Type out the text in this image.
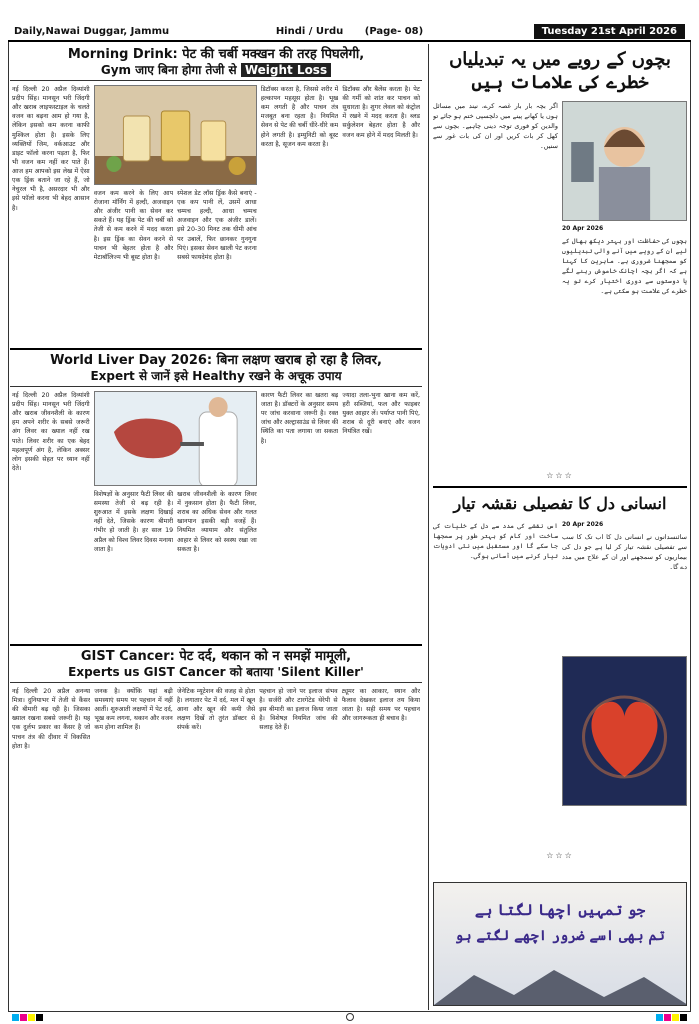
Daily,Nawai Duggar, Jammu	Hindi / Urdu (Page- 08)	Tuesday 21st April 2026
Morning Drink: पेट की चर्बी मक्खन की तरह पिघलेगी,
Gym जाए बिना होगा तेजी से Weight Loss

नई दिल्ली 20 अप्रैल दिव्यांशी प्रदीप सिंह। मानसून भरी जिंदगी और खराब लाइफस्टाइल के चलते वजन का बढ़ना आम हो गया है, लेकिन इसको कम करना काफी मुश्किल होता है। इसके लिए व्यक्तियों जिम, वर्कआउट और डाइट फॉलो करना पड़ता है, फिर भी वजन कम नहीं कर पाते हैं। आज हम आपको इस लेख में ऐसा एक ड्रिंक बताने जा रहे हैं, जो नेचुरल भी है, असरदार भी और इसे फॉलो करना भी बेहद आसान है।

वजन कम करने के लिए आप रोजाना मॉर्निंग में हल्दी, अजवाइन और अंजीर पानी का सेवन कर सकते हैं। यह ड्रिंक पेट की चर्बी को तेजी से कम करने में मदद करता है। इस ड्रिंक का सेवन करने से पाचन भी बेहतर होता है और मेटाबॉलिज्म भी बूस्ट होता है।

स्पेशल डेट लॉस ड्रिंक कैसे बनाएं - एक कप पानी लें, उसमें आधा चम्मच हल्दी, आधा चम्मच अजवाइन और एक अंजीर डालें। इसे 20-30 मिनट तक धीमी आंच पर उबालें, फिर छानकर गुनगुना पिएं। इसका सेवन खाली पेट करना सबसे फायदेमंद होता है।

डिटॉक्स करता है, जिससे शरीर में हल्कापन महसूस होता है। भूख कम लगती है और पाचन तंत्र मजबूत बना रहता है। नियमित सेवन से पेट की चर्बी धीरे-धीरे कम होने लगती है। इम्युनिटी को बूस्ट करता है, सूजन कम करता है।

डिटॉक्स और बैलेंस करता है। पेट की गर्मी को शांत कर पाचन को सुधारता है। शुगर लेवल को कंट्रोल में रखने में मदद करता है। ब्लड सर्कुलेशन बेहतर होता है और वजन कम होने में मदद मिलती है।

World Liver Day 2026: बिना लक्षण खराब हो रहा है लिवर,
Expert से जानें इसे Healthy रखने के अचूक उपाय

नई दिल्ली 20 अप्रैल दिव्यांशी प्रदीप सिंह। मानसून भरी जिंदगी और खराब जीवनशैली के कारण हम अपने शरीर के सबसे जरूरी अंग लिवर का ख्याल नहीं रख पाते। लिवर शरीर का एक बेहद महत्वपूर्ण अंग है, लेकिन अक्सर लोग इसकी सेहत पर ध्यान नहीं देते।

विशेषज्ञों के अनुसार फैटी लिवर की समस्या तेजी से बढ़ रही है। शुरुआत में इसके लक्षण दिखाई नहीं देते, जिसके कारण बीमारी गंभीर हो जाती है। हर साल 19 अप्रैल को विश्व लिवर दिवस मनाया जाता है।

खराब जीवनशैली के कारण लिवर में नुकसान होता है। फैटी लिवर, शराब का अधिक सेवन और गलत खानपान इसकी बड़ी वजहें हैं। नियमित व्यायाम और संतुलित आहार से लिवर को स्वस्थ रखा जा सकता है।

कारण फैटी लिवर का खतरा बढ़ जाता है। डॉक्टरों के अनुसार समय पर जांच करवाना जरूरी है। रक्त जांच और अल्ट्रासाउंड से लिवर की स्थिति का पता लगाया जा सकता है।

ज्यादा तला-भुना खाना कम करें, हरी सब्जियां, फल और फाइबर युक्त आहार लें। पर्याप्त पानी पिएं, शराब से दूरी बनाएं और वजन नियंत्रित रखें।

GIST Cancer: पेट दर्द, थकान को न समझें मामूली,
Experts us GIST Cancer को बताया 'Silent Killer'

नई दिल्ली 20 अप्रैल अनन्या मित्रा। दुनियाभर में तेजी से कैंसर की बीमारी बढ़ रही है। जिसका ख्याल रखना सबसे जरूरी है। यह एक दुर्लभ प्रकार का कैंसर है जो पाचन तंत्र की दीवार में विकसित होता है।

जनक है। क्योंकि यहां बढ़ी समस्याएं समय पर पहचान में नहीं आतीं। शुरुआती लक्षणों में पेट दर्द, भूख कम लगना, थकान और वजन कम होना शामिल हैं।

जेनेटिक म्यूटेशन की वजह से होता है। लगातार पेट में दर्द, मल में खून आना और खून की कमी जैसे लक्षण दिखें तो तुरंत डॉक्टर से संपर्क करें।

पहचान हो जाने पर इलाज संभव है। सर्जरी और टारगेटेड थेरेपी से इस बीमारी का इलाज किया जाता है। विशेषज्ञ नियमित जांच की सलाह देते हैं।

ट्यूमर का आकार, स्थान और फैलाव देखकर इलाज तय किया जाता है। सही समय पर पहचान और जागरूकता ही बचाव है।

بچوں کے رویے میں یہ تبدیلیاں
خطرے کی علامات ہیں

اگر بچہ بار بار غصہ کرے، نیند میں مسائل ہوں یا کھانے پینے میں دلچسپی ختم ہو جائے تو والدین کو فوری توجہ دینی چاہیے۔ بچوں سے کھل کر بات کریں اور ان کی بات غور سے سنیں۔

20 Apr 2026

بچوں کی حفاظت اور بہتر دیکھ بھال کے لیے ان کے رویے میں آنے والی تبدیلیوں کو سمجھنا ضروری ہے۔ ماہرین کا کہنا ہے کہ اگر بچہ اچانک خاموش رہنے لگے یا دوستوں سے دوری اختیار کرے تو یہ خطرے کی علامت ہو سکتی ہے۔

☆☆☆
انسانی دل کا تفصیلی نقشہ تیار

اس نقشے کی مدد سے دل کے خلیات کی ساخت اور کام کو بہتر طور پر سمجھا جا سکے گا اور مستقبل میں نئی ادویات تیار کرنے میں آسانی ہوگی۔

20 Apr 2026

سائنسدانوں نے انسانی دل کا اب تک کا سب سے تفصیلی نقشہ تیار کر لیا ہے جو دل کی بیماریوں کو سمجھنے اور ان کے علاج میں مدد دے گا۔

☆☆☆
جو تمہیں اچھا لگتا ہے
تم بھی اسے ضرور اچھے لگتے ہو
